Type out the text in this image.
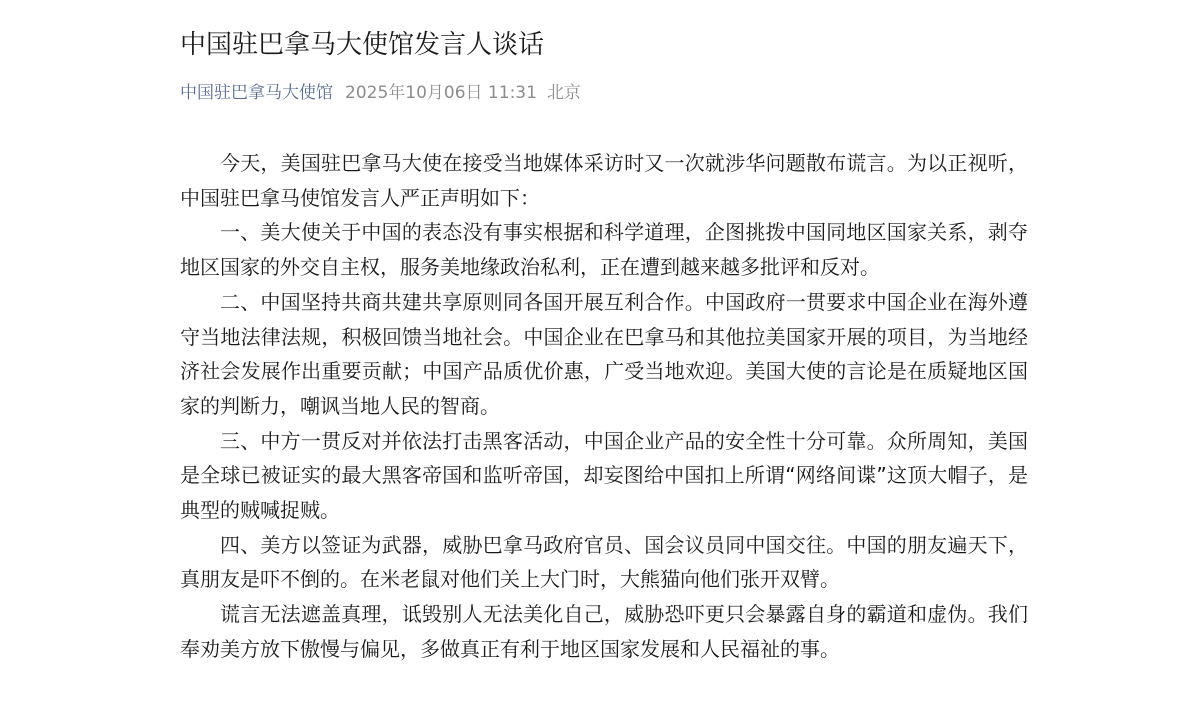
中国驻巴拿马大使馆发言人谈话
中国驻巴拿马大使馆 2025年10月06日 11:31 北京

今天，美国驻巴拿马大使在接受当地媒体采访时又一次就涉华问题散布谎言。为以正视听，中国驻巴拿马使馆发言人严正声明如下：

一、美大使关于中国的表态没有事实根据和科学道理，企图挑拨中国同地区国家关系，剥夺地区国家的外交自主权，服务美地缘政治私利，正在遭到越来越多批评和反对。

二、中国坚持共商共建共享原则同各国开展互利合作。中国政府一贯要求中国企业在海外遵守当地法律法规，积极回馈当地社会。中国企业在巴拿马和其他拉美国家开展的项目，为当地经济社会发展作出重要贡献；中国产品质优价惠，广受当地欢迎。美国大使的言论是在质疑地区国家的判断力，嘲讽当地人民的智商。

三、中方一贯反对并依法打击黑客活动，中国企业产品的安全性十分可靠。众所周知，美国是全球已被证实的最大黑客帝国和监听帝国，却妄图给中国扣上所谓“网络间谍”这顶大帽子，是典型的贼喊捉贼。

四、美方以签证为武器，威胁巴拿马政府官员、国会议员同中国交往。中国的朋友遍天下，真朋友是吓不倒的。在米老鼠对他们关上大门时，大熊猫向他们张开双臂。

谎言无法遮盖真理，诋毁别人无法美化自己，威胁恐吓更只会暴露自身的霸道和虚伪。我们奉劝美方放下傲慢与偏见，多做真正有利于地区国家发展和人民福祉的事。
